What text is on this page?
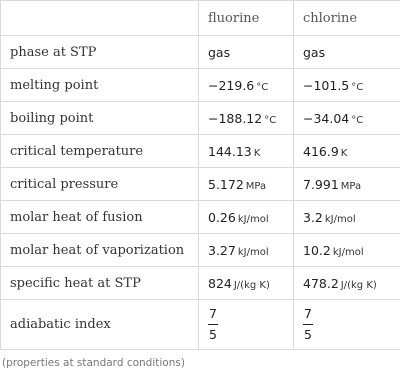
	fluorine	chlorine
phase at STP	gas	gas
melting point	−219.6 °C	−101.5 °C
boiling point	−188.12 °C	−34.04 °C
critical temperature	144.13 K	416.9 K
critical pressure	5.172 MPa	7.991 MPa
molar heat of fusion	0.26 kJ/mol	3.2 kJ/mol
molar heat of vaporization	3.27 kJ/mol	10.2 kJ/mol
specific heat at STP	824 J/(kg K)	478.2 J/(kg K)
adiabatic index	$\frac{7}{5}$	$\frac{7}{5}$
(properties at standard conditions)
